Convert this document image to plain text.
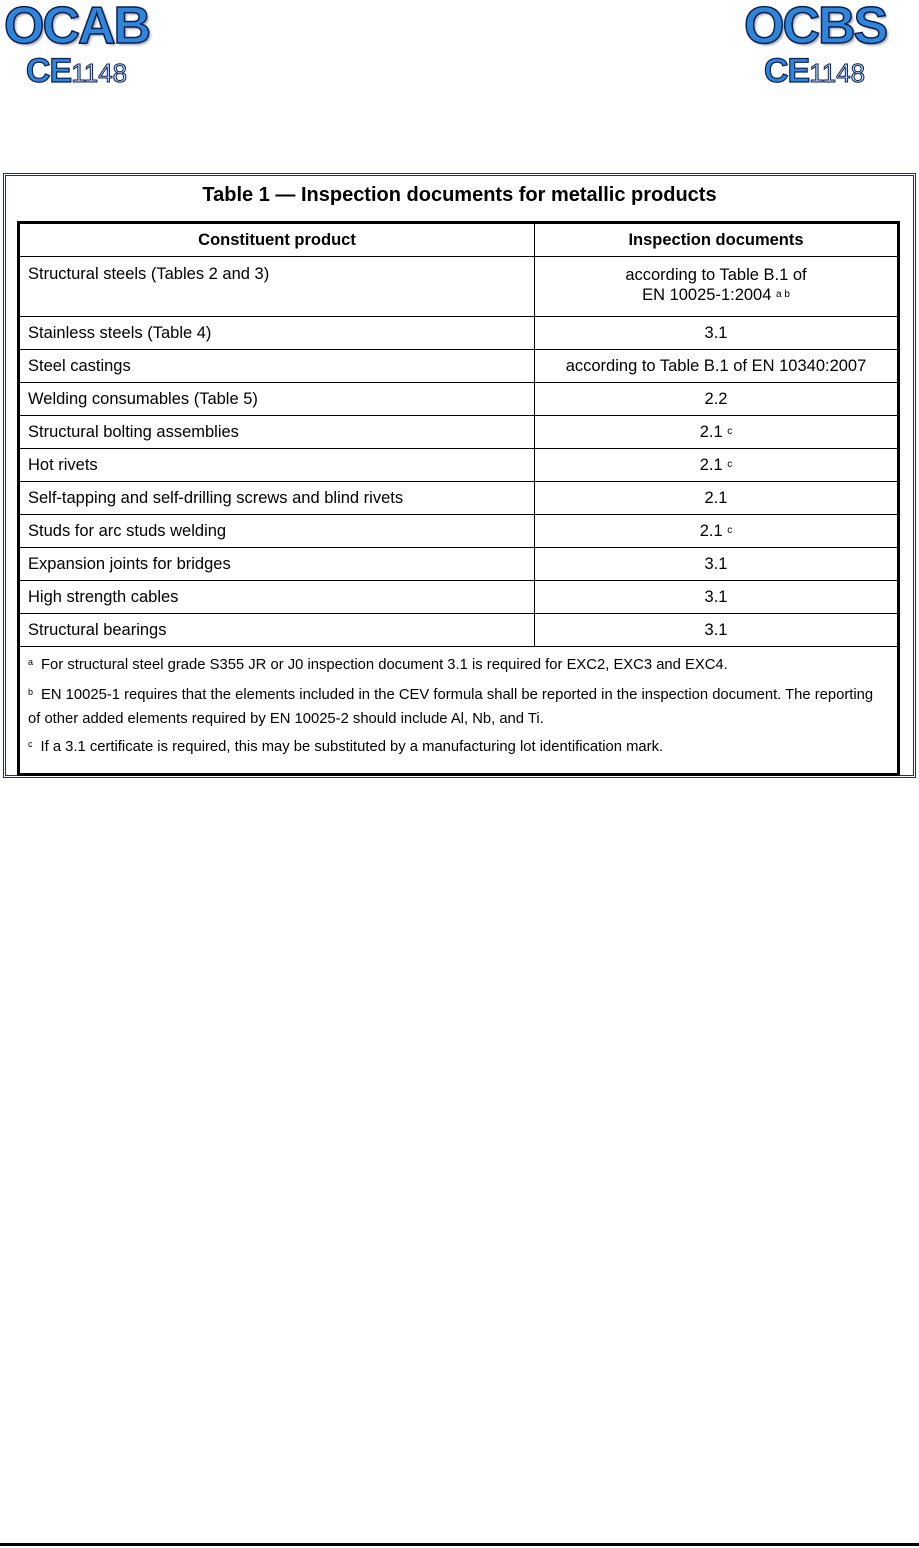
OCAB
CE1148
OCBS
CE1148
Table 1 — Inspection documents for metallic products
Constituent product	Inspection documents
Structural steels (Tables 2 and 3)	according to Table B.1 of
EN 10025-1:2004 $^{a b}$
Stainless steels (Table 4)	3.1
Steel castings	according to Table B.1 of EN 10340:2007
Welding consumables (Table 5)	2.2
Structural bolting assemblies	2.1 $^c$
Hot rivets	2.1 $^c$
Self-tapping and self-drilling screws and blind rivets	2.1
Studs for arc studs welding	2.1 $^c$
Expansion joints for bridges	3.1
High strength cables	3.1
Structural bearings	3.1
$^a$ For structural steel grade S355 JR or J0 inspection document 3.1 is required for EXC2, EXC3 and EXC4.
$^b$ EN 10025-1 requires that the elements included in the CEV formula shall be reported in the inspection document. The reporting of other added elements required by EN 10025-2 should include Al, Nb, and Ti.
$^c$ If a 3.1 certificate is required, this may be substituted by a manufacturing lot identification mark.
